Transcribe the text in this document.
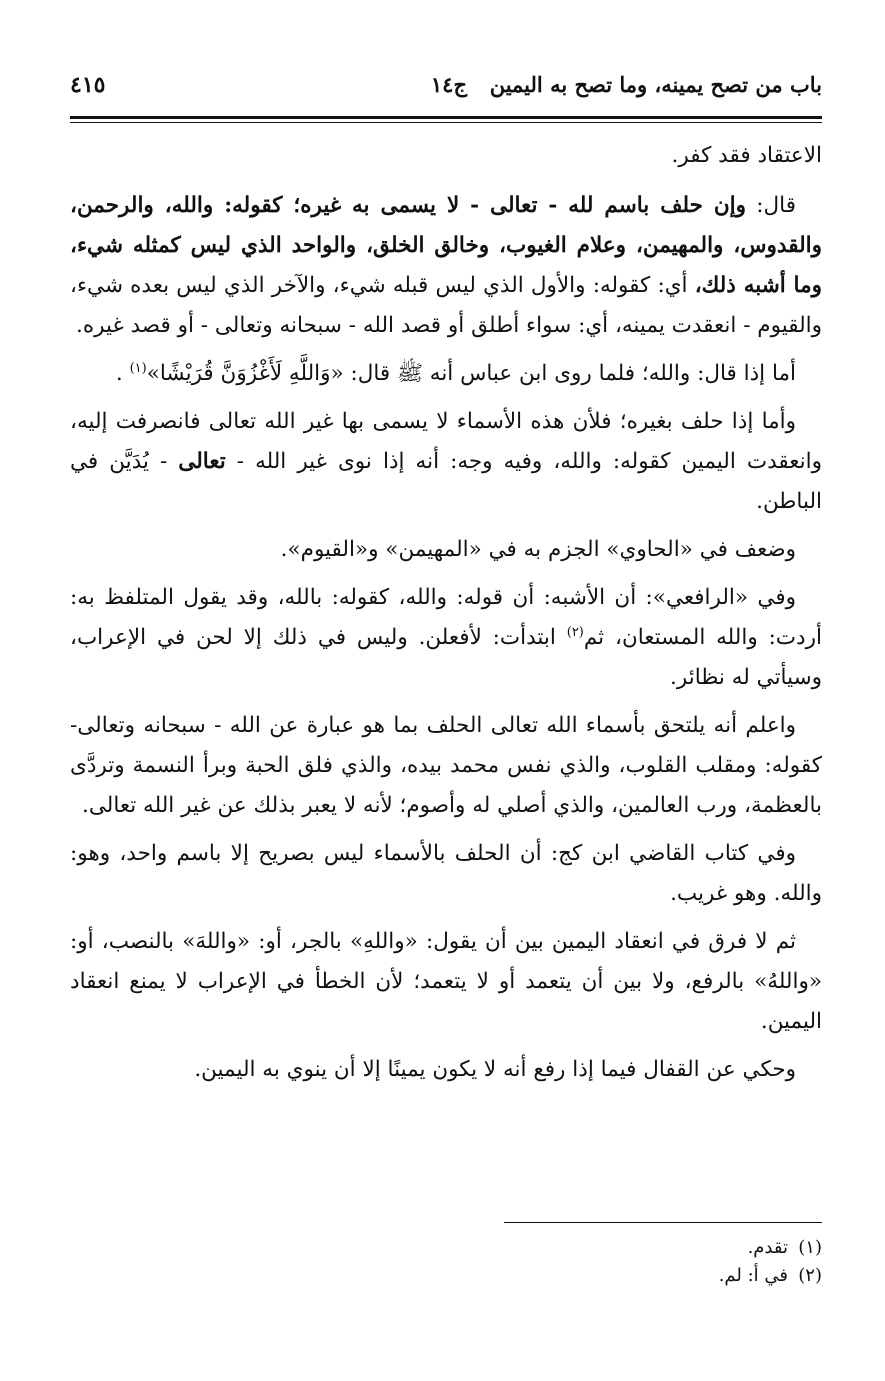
باب من تصح يمينه، وما تصح به اليمين
ج١٤
٤١٥

الاعتقاد فقد كفر.

قال: وإن حلف باسم لله - تعالى - لا يسمى به غيره؛ كقوله: والله، والرحمن، والقدوس، والمهيمن، وعلام الغيوب، وخالق الخلق، والواحد الذي ليس كمثله شيء، وما أشبه ذلك، أي: كقوله: والأول الذي ليس قبله شيء، والآخر الذي ليس بعده شيء، والقيوم - انعقدت يمينه، أي: سواء أطلق أو قصد الله - سبحانه وتعالى - أو قصد غيره.

أما إذا قال: والله؛ فلما روى ابن عباس أنه ﷺ قال: «وَاللَّهِ لَأَغْزُوَنَّ قُرَيْشًا»$^{(١)}$ .

وأما إذا حلف بغيره؛ فلأن هذه الأسماء لا يسمى بها غير الله تعالى فانصرفت إليه، وانعقدت اليمين كقوله: والله، وفيه وجه: أنه إذا نوى غير الله - تعالى - يُدَيَّن في الباطن.

وضعف في «الحاوي» الجزم به في «المهيمن» و«القيوم».

وفي «الرافعي»: أن الأشبه: أن قوله: والله، كقوله: بالله، وقد يقول المتلفظ به: أردت: والله المستعان، ثم$^{(٢)}$ ابتدأت: لأفعلن. وليس في ذلك إلا لحن في الإعراب، وسيأتي له نظائر.

واعلم أنه يلتحق بأسماء الله تعالى الحلف بما هو عبارة عن الله - سبحانه وتعالى- كقوله: ومقلب القلوب، والذي نفس محمد بيده، والذي فلق الحبة وبرأ النسمة وتردَّى بالعظمة، ورب العالمين، والذي أصلي له وأصوم؛ لأنه لا يعبر بذلك عن غير الله تعالى.

وفي كتاب القاضي ابن كج: أن الحلف بالأسماء ليس بصريح إلا باسم واحد، وهو: والله. وهو غريب.

ثم لا فرق في انعقاد اليمين بين أن يقول: «واللهِ» بالجر، أو: «واللهَ» بالنصب، أو: «واللهُ» بالرفع، ولا بين أن يتعمد أو لا يتعمد؛ لأن الخطأ في الإعراب لا يمنع انعقاد اليمين.

وحكي عن القفال فيما إذا رفع أنه لا يكون يمينًا إلا أن ينوي به اليمين.

(١)تقدم.
(٢)في أ: لم.
